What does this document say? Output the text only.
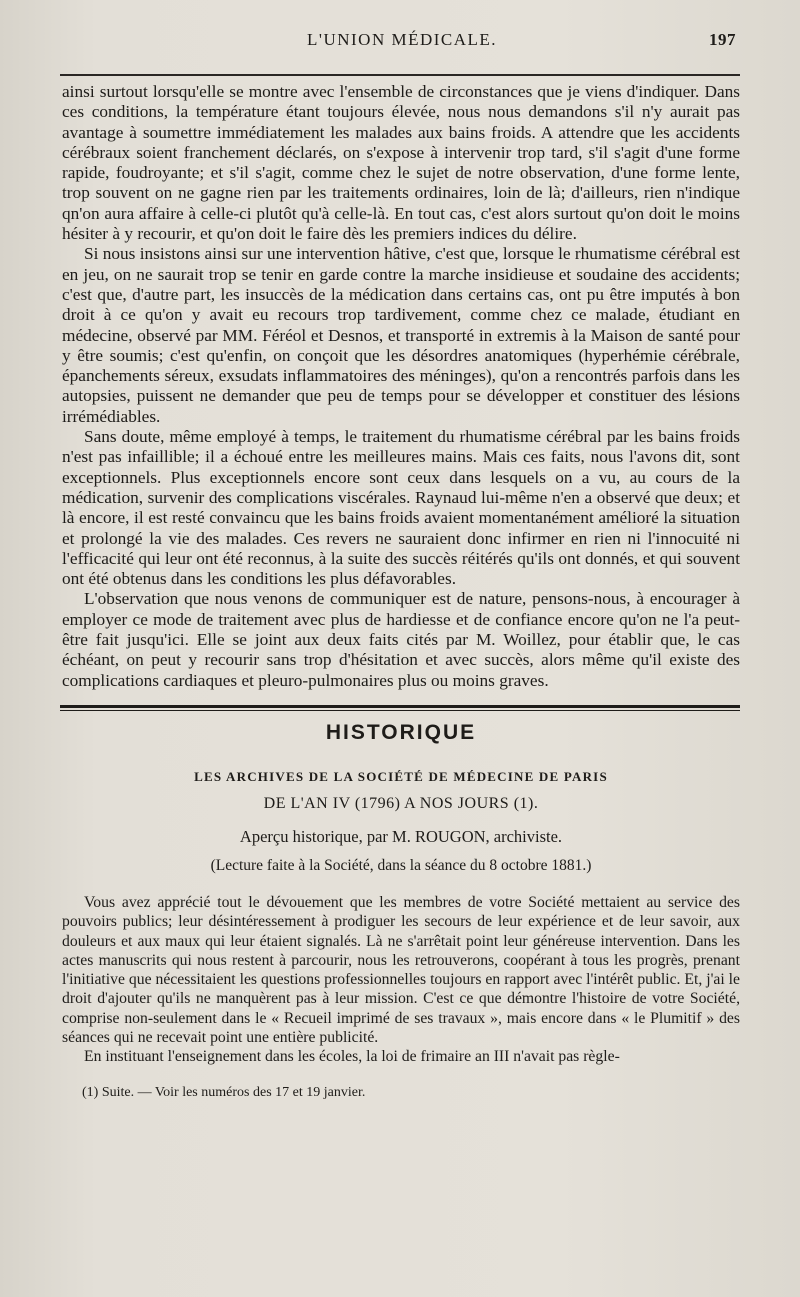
L'UNION MÉDICALE.	197

ainsi surtout lorsqu'elle se montre avec l'ensemble de circonstances que je viens d'indiquer. Dans ces conditions, la température étant toujours élevée, nous nous demandons s'il n'y aurait pas avantage à soumettre immédiatement les malades aux bains froids. A attendre que les accidents cérébraux soient franchement déclarés, on s'expose à intervenir trop tard, s'il s'agit d'une forme rapide, foudroyante; et s'il s'agit, comme chez le sujet de notre observation, d'une forme lente, trop souvent on ne gagne rien par les traitements ordinaires, loin de là; d'ailleurs, rien n'indique qn'on aura affaire à celle-ci plutôt qu'à celle-là. En tout cas, c'est alors surtout qu'on doit le moins hésiter à y recourir, et qu'on doit le faire dès les premiers indices du délire.

Si nous insistons ainsi sur une intervention hâtive, c'est que, lorsque le rhumatisme cérébral est en jeu, on ne saurait trop se tenir en garde contre la marche insidieuse et soudaine des accidents; c'est que, d'autre part, les insuccès de la médication dans certains cas, ont pu être imputés à bon droit à ce qu'on y avait eu recours trop tardivement, comme chez ce malade, étudiant en médecine, observé par MM. Féréol et Desnos, et transporté in extremis à la Maison de santé pour y être soumis; c'est qu'enfin, on conçoit que les désordres anatomiques (hyperhémie cérébrale, épanchements séreux, exsudats inflammatoires des méninges), qu'on a rencontrés parfois dans les autopsies, puissent ne demander que peu de temps pour se développer et constituer des lésions irrémédiables.

Sans doute, même employé à temps, le traitement du rhumatisme cérébral par les bains froids n'est pas infaillible; il a échoué entre les meilleures mains. Mais ces faits, nous l'avons dit, sont exceptionnels. Plus exceptionnels encore sont ceux dans lesquels on a vu, au cours de la médication, survenir des complications viscérales. Raynaud lui-même n'en a observé que deux; et là encore, il est resté convaincu que les bains froids avaient momentanément amélioré la situation et prolongé la vie des malades. Ces revers ne sauraient donc infirmer en rien ni l'innocuité ni l'efficacité qui leur ont été reconnus, à la suite des succès réitérés qu'ils ont donnés, et qui souvent ont été obtenus dans les conditions les plus défavorables.

L'observation que nous venons de communiquer est de nature, pensons-nous, à encourager à employer ce mode de traitement avec plus de hardiesse et de confiance encore qu'on ne l'a peut-être fait jusqu'ici. Elle se joint aux deux faits cités par M. Woillez, pour établir que, le cas échéant, on peut y recourir sans trop d'hésitation et avec succès, alors même qu'il existe des complications cardiaques et pleuro-pulmonaires plus ou moins graves.

HISTORIQUE

LES ARCHIVES DE LA SOCIÉTÉ DE MÉDECINE DE PARIS

DE L'AN IV (1796) A NOS JOURS (1).

Aperçu historique, par M. ROUGON, archiviste.

(Lecture faite à la Société, dans la séance du 8 octobre 1881.)

Vous avez apprécié tout le dévouement que les membres de votre Société mettaient au service des pouvoirs publics; leur désintéressement à prodiguer les secours de leur expérience et de leur savoir, aux douleurs et aux maux qui leur étaient signalés. Là ne s'arrêtait point leur généreuse intervention. Dans les actes manuscrits qui nous restent à parcourir, nous les retrouverons, coopérant à tous les progrès, prenant l'initiative que nécessitaient les questions professionnelles toujours en rapport avec l'intérêt public. Et, j'ai le droit d'ajouter qu'ils ne manquèrent pas à leur mission. C'est ce que démontre l'histoire de votre Société, comprise non-seulement dans le « Recueil imprimé de ses travaux », mais encore dans « le Plumitif » des séances qui ne recevait point une entière publicité.

En instituant l'enseignement dans les écoles, la loi de frimaire an III n'avait pas règle-

(1) Suite. — Voir les numéros des 17 et 19 janvier.
